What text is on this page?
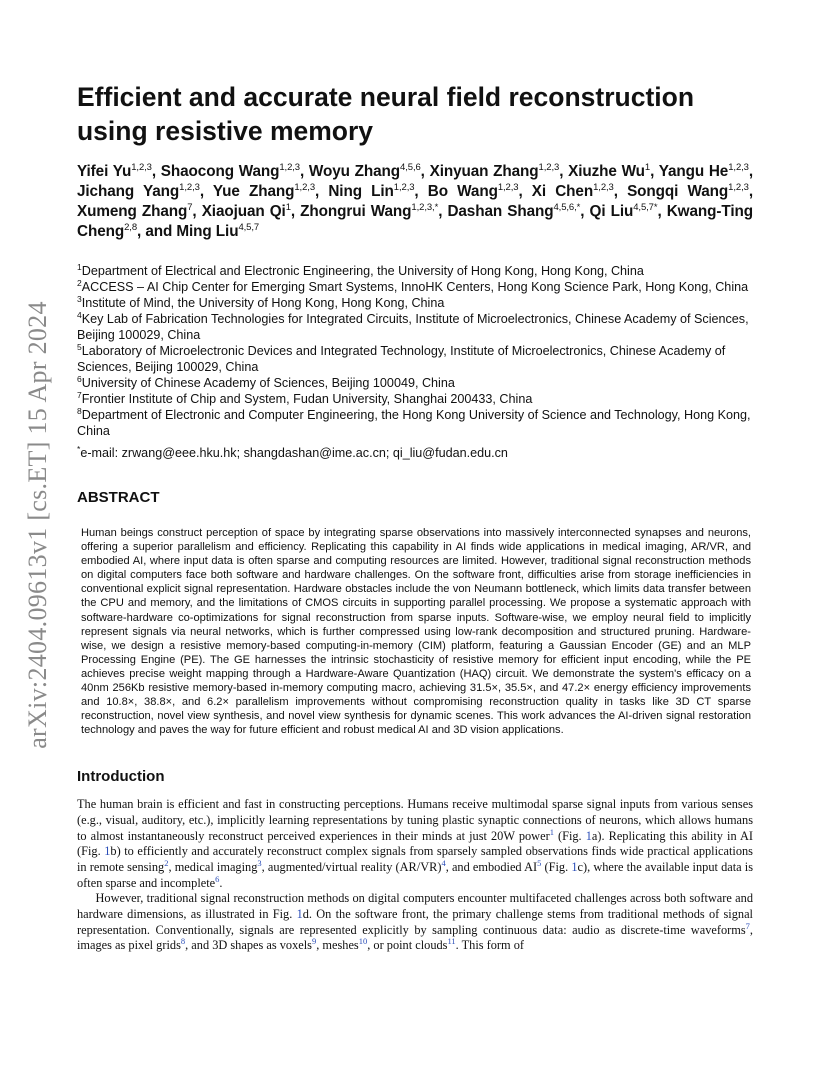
arXiv:2404.09613v1 [cs.ET] 15 Apr 2024
Efficient and accurate neural field reconstruction using resistive memory
Yifei Yu$^{1,2,3}$, Shaocong Wang$^{1,2,3}$, Woyu Zhang$^{4,5,6}$, Xinyuan Zhang$^{1,2,3}$, Xiuzhe Wu$^1$, Yangu He$^{1,2,3}$, Jichang Yang$^{1,2,3}$, Yue Zhang$^{1,2,3}$, Ning Lin$^{1,2,3}$, Bo Wang$^{1,2,3}$, Xi Chen$^{1,2,3}$, Songqi Wang$^{1,2,3}$, Xumeng Zhang$^7$, Xiaojuan Qi$^1$, Zhongrui Wang$^{1,2,3,*}$, Dashan Shang$^{4,5,6,*}$, Qi Liu$^{4,5,7*}$, Kwang-Ting Cheng$^{2,8}$, and Ming Liu$^{4,5,7}$
$^1$Department of Electrical and Electronic Engineering, the University of Hong Kong, Hong Kong, China
$^2$ACCESS – AI Chip Center for Emerging Smart Systems, InnoHK Centers, Hong Kong Science Park, Hong Kong, China
$^3$Institute of Mind, the University of Hong Kong, Hong Kong, China
$^4$Key Lab of Fabrication Technologies for Integrated Circuits, Institute of Microelectronics, Chinese Academy of Sciences, Beijing 100029, China
$^5$Laboratory of Microelectronic Devices and Integrated Technology, Institute of Microelectronics, Chinese Academy of Sciences, Beijing 100029, China
$^6$University of Chinese Academy of Sciences, Beijing 100049, China
$^7$Frontier Institute of Chip and System, Fudan University, Shanghai 200433, China
$^8$Department of Electronic and Computer Engineering, the Hong Kong University of Science and Technology, Hong Kong, China
*e-mail: zrwang@eee.hku.hk; shangdashan@ime.ac.cn; qi_liu@fudan.edu.cn
ABSTRACT
Human beings construct perception of space by integrating sparse observations into massively interconnected synapses and neurons, offering a superior parallelism and efficiency. Replicating this capability in AI finds wide applications in medical imaging, AR/VR, and embodied AI, where input data is often sparse and computing resources are limited. However, traditional signal reconstruction methods on digital computers face both software and hardware challenges. On the software front, difficulties arise from storage inefficiencies in conventional explicit signal representation. Hardware obstacles include the von Neumann bottleneck, which limits data transfer between the CPU and memory, and the limitations of CMOS circuits in supporting parallel processing. We propose a systematic approach with software-hardware co-optimizations for signal reconstruction from sparse inputs. Software-wise, we employ neural field to implicitly represent signals via neural networks, which is further compressed using low-rank decomposition and structured pruning. Hardware-wise, we design a resistive memory-based computing-in-memory (CIM) platform, featuring a Gaussian Encoder (GE) and an MLP Processing Engine (PE). The GE harnesses the intrinsic stochasticity of resistive memory for efficient input encoding, while the PE achieves precise weight mapping through a Hardware-Aware Quantization (HAQ) circuit. We demonstrate the system's efficacy on a 40nm 256Kb resistive memory-based in-memory computing macro, achieving 31.5×, 35.5×, and 47.2× energy efficiency improvements and 10.8×, 38.8×, and 6.2× parallelism improvements without compromising reconstruction quality in tasks like 3D CT sparse reconstruction, novel view synthesis, and novel view synthesis for dynamic scenes. This work advances the AI-driven signal restoration technology and paves the way for future efficient and robust medical AI and 3D vision applications.
Introduction

The human brain is efficient and fast in constructing perceptions. Humans receive multimodal sparse signal inputs from various senses (e.g., visual, auditory, etc.), implicitly learning representations by tuning plastic synaptic connections of neurons, which allows humans to almost instantaneously reconstruct perceived experiences in their minds at just 20W power$^1$ (Fig. 1a). Replicating this ability in AI (Fig. 1b) to efficiently and accurately reconstruct complex signals from sparsely sampled observations finds wide practical applications in remote sensing$^2$, medical imaging$^3$, augmented/virtual reality (AR/VR)$^4$, and embodied AI$^5$ (Fig. 1c), where the available input data is often sparse and incomplete$^6$.

However, traditional signal reconstruction methods on digital computers encounter multifaceted challenges across both software and hardware dimensions, as illustrated in Fig. 1d. On the software front, the primary challenge stems from traditional methods of signal representation. Conventionally, signals are represented explicitly by sampling continuous data: audio as discrete-time waveforms$^7$, images as pixel grids$^8$, and 3D shapes as voxels$^9$, meshes$^{10}$, or point clouds$^{11}$. This form of
